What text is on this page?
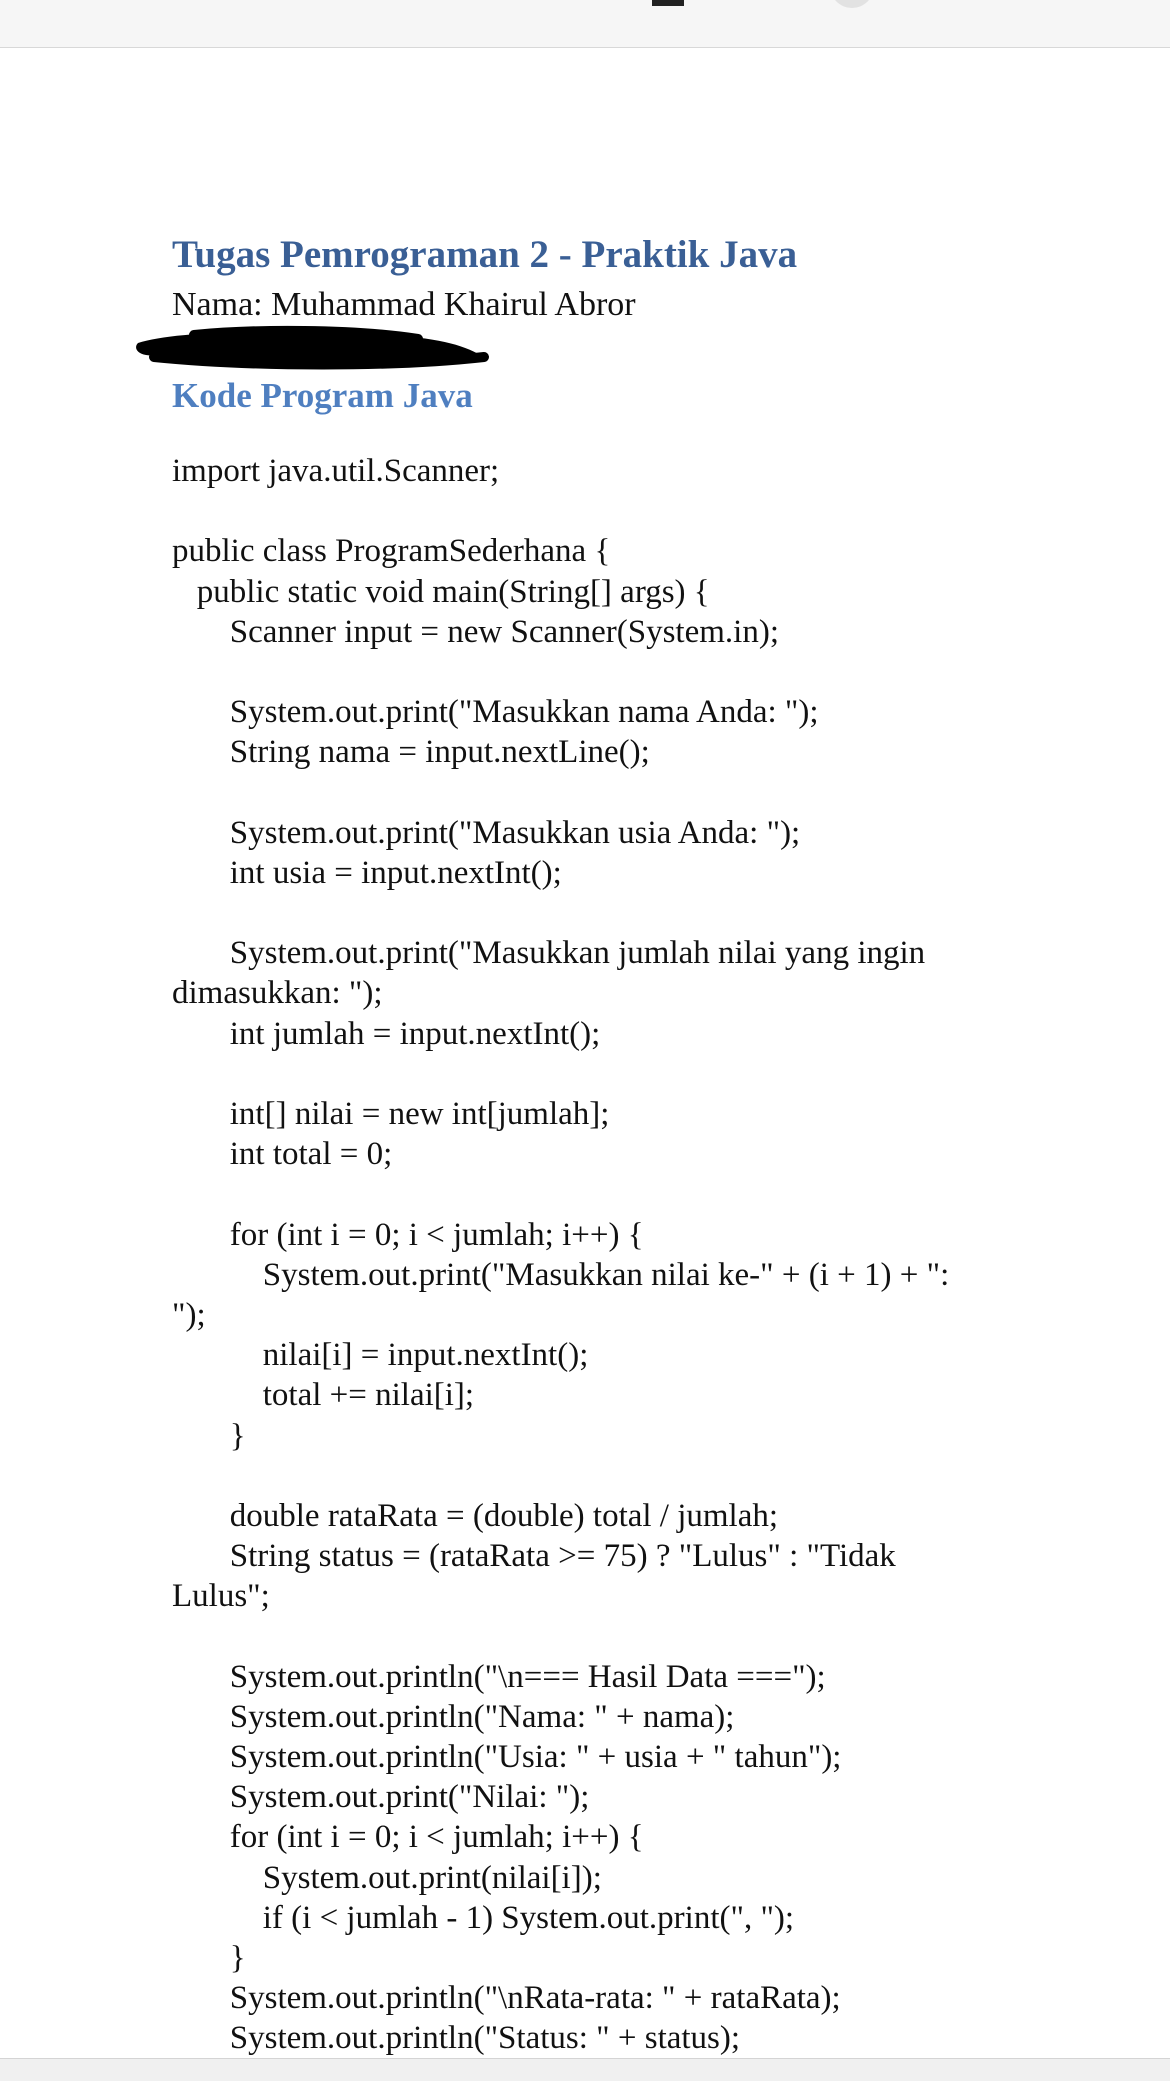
Tugas Pemrograman 2 - Praktik Java

Nama: Muhammad Khairul Abror

Kode Program Java
import java.util.Scanner;
public class ProgramSederhana {
public static void main(String[] args) {
Scanner input = new Scanner(System.in);
System.out.print("Masukkan nama Anda: ");
String nama = input.nextLine();
System.out.print("Masukkan usia Anda: ");
int usia = input.nextInt();
System.out.print("Masukkan jumlah nilai yang ingin
dimasukkan: ");
int jumlah = input.nextInt();
int[] nilai = new int[jumlah];
int total = 0;
for (int i = 0; i < jumlah; i++) {
System.out.print("Masukkan nilai ke-" + (i + 1) + ":
");
nilai[i] = input.nextInt();
total += nilai[i];
}
double rataRata = (double) total / jumlah;
String status = (rataRata >= 75) ? "Lulus" : "Tidak
Lulus";
System.out.println("\n=== Hasil Data ===");
System.out.println("Nama: " + nama);
System.out.println("Usia: " + usia + " tahun");
System.out.print("Nilai: ");
for (int i = 0; i < jumlah; i++) {
System.out.print(nilai[i]);
if (i < jumlah - 1) System.out.print(", ");
}
System.out.println("\nRata-rata: " + rataRata);
System.out.println("Status: " + status);
